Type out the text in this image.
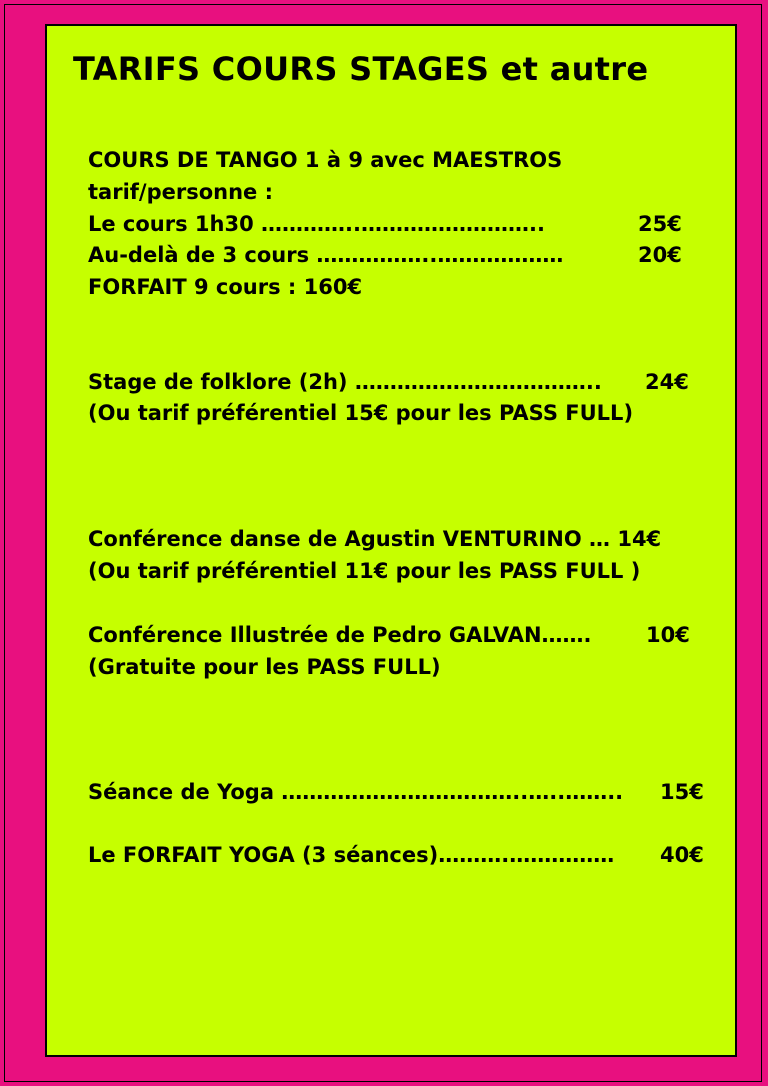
TARIFS COURS STAGES et autre
COURS DE TANGO 1 à 9 avec MAESTROS
tarif/personne :
Le cours 1h30 …………..……………………..	25€
Au-delà de 3 cours ……………..………………	20€
FORFAIT 9 cours : 160€
Stage de folklore (2h) …………………………….. 24€
(Ou tarif préférentiel 15€ pour les PASS FULL)
Conférence danse de Agustin VENTURINO … 14€
(Ou tarif préférentiel 11€ pour les PASS FULL )
Conférence Illustrée de Pedro GALVAN…….	10€
(Gratuite pour les PASS FULL)
Séance de Yoga ……………………………..…..…….. 15€
Le FORFAIT YOGA (3 séances)……….…………… 40€
